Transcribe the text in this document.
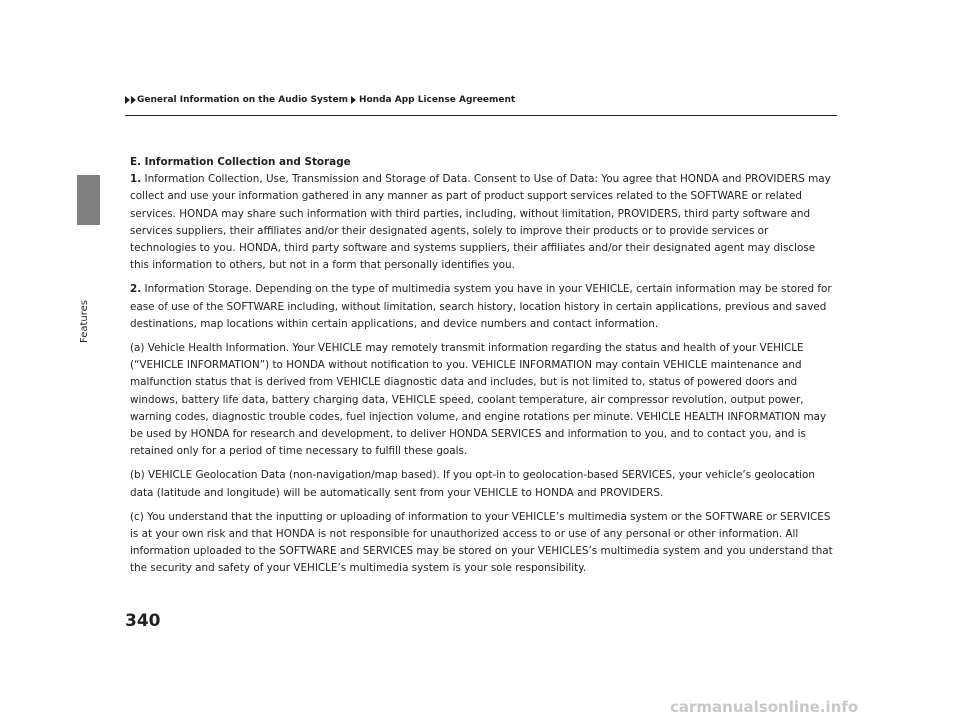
Features
General Information on the Audio System Honda App License Agreement
E. Information Collection and Storage

1. Information Collection, Use, Transmission and Storage of Data. Consent to Use of Data: You agree that HONDA and PROVIDERS may collect and use your information gathered in any manner as part of product support services related to the SOFTWARE or related services. HONDA may share such information with third parties, including, without limitation, PROVIDERS, third party software and services suppliers, their affiliates and/or their designated agents, solely to improve their products or to provide services or technologies to you. HONDA, third party software and systems suppliers, their affiliates and/or their designated agent may disclose this information to others, but not in a form that personally identifies you.

2. Information Storage. Depending on the type of multimedia system you have in your VEHICLE, certain information may be stored for ease of use of the SOFTWARE including, without limitation, search history, location history in certain applications, previous and saved destinations, map locations within certain applications, and device numbers and contact information.

(a) Vehicle Health Information. Your VEHICLE may remotely transmit information regarding the status and health of your VEHICLE (“VEHICLE INFORMATION”) to HONDA without notification to you. VEHICLE INFORMATION may contain VEHICLE maintenance and malfunction status that is derived from VEHICLE diagnostic data and includes, but is not limited to, status of powered doors and windows, battery life data, battery charging data, VEHICLE speed, coolant temperature, air compressor revolution, output power, warning codes, diagnostic trouble codes, fuel injection volume, and engine rotations per minute. VEHICLE HEALTH INFORMATION may be used by HONDA for research and development, to deliver HONDA SERVICES and information to you, and to contact you, and is retained only for a period of time necessary to fulfill these goals.

(b) VEHICLE Geolocation Data (non-navigation/map based). If you opt-in to geolocation-based SERVICES, your vehicle’s geolocation data (latitude and longitude) will be automatically sent from your VEHICLE to HONDA and PROVIDERS.

(c) You understand that the inputting or uploading of information to your VEHICLE’s multimedia system or the SOFTWARE or SERVICES is at your own risk and that HONDA is not responsible for unauthorized access to or use of any personal or other information. All information uploaded to the SOFTWARE and SERVICES may be stored on your VEHICLES’s multimedia system and you understand that the security and safety of your VEHICLE’s multimedia system is your sole responsibility.

340
carmanualsonline.info
